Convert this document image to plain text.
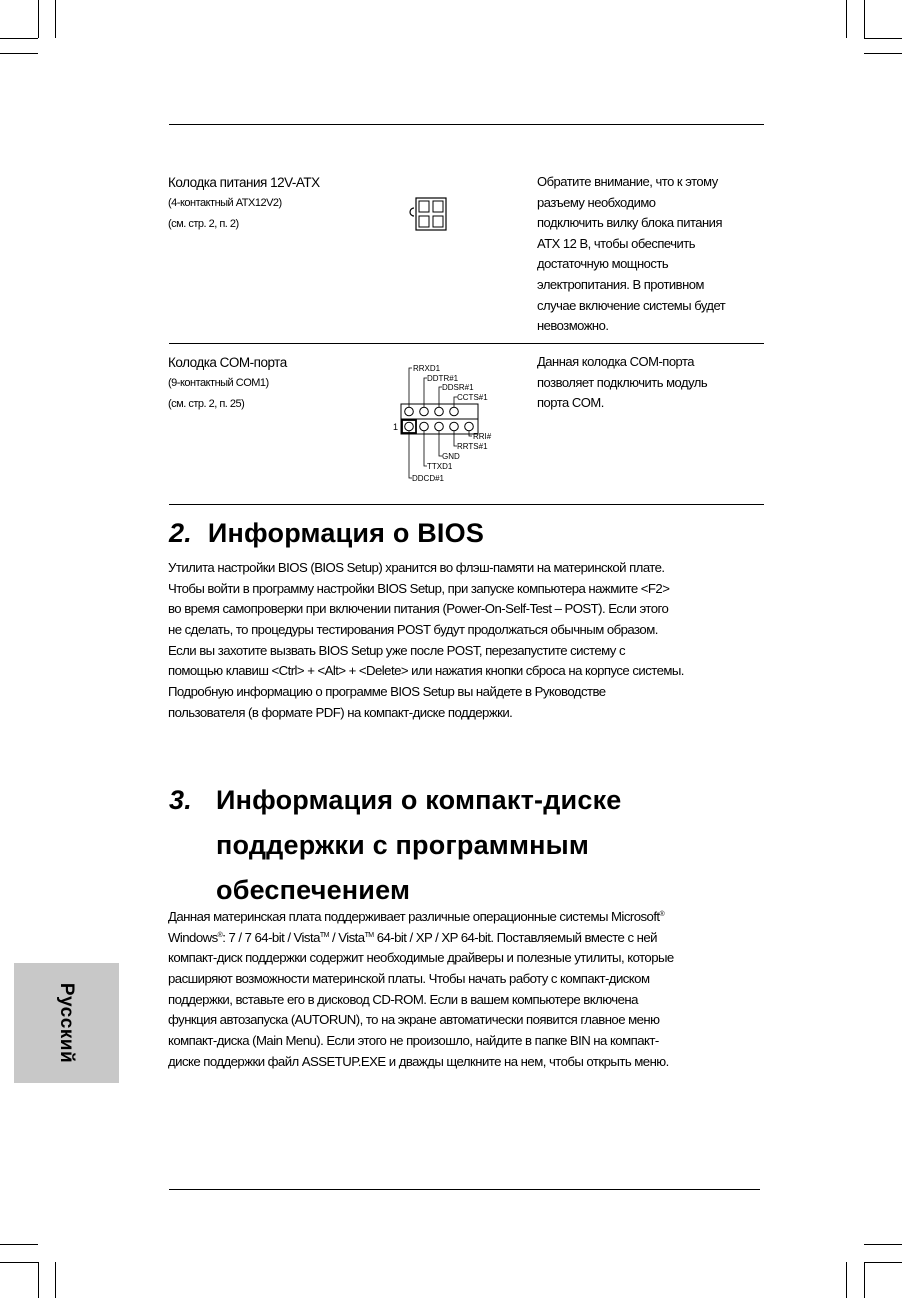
Колодка питания 12V-ATX
(4-контактный ATX12V2)
(см. стр. 2, п. 2)
Обратите внимание, что к этому
разъему необходимо
подключить вилку блока питания
ATX 12 В, чтобы обеспечить
достаточную мощность
электропитания. В противном
случае включение системы будет
невозможно.
Колодка COM-порта
(9-контактный COM1)
(см. стр. 2, п. 25)
RRXD1
DDTR#1
DDSR#1
CCTS#1
RRI#
RRTS#1
GND
TTXD1
DDCD#1
1
Данная колодка COM-порта
позволяет подключить модуль
порта COM.
2. Информация о BIOS
Утилита настройки BIOS (BIOS Setup) хранится во флэш-памяти на материнской плате.
Чтобы войти в программу настройки BIOS Setup, при запуске компьютера нажмите <F2>
во время самопроверки при включении питания (Power-On-Self-Test – POST). Если этого
не сделать, то процедуры тестирования POST будут продолжаться обычным образом.
Если вы захотите вызвать BIOS Setup уже после POST, перезапустите систему с
помощью клавиш <Ctrl> + <Alt> + <Delete> или нажатия кнопки сброса на корпусе системы.
Подробную информацию о программе BIOS Setup вы найдете в Руководстве
пользователя (в формате PDF) на компакт-диске поддержки.
3. Информация о компакт-диске
поддержки с программным
обеспечением
Данная материнская плата поддерживает различные операционные системы Microsoft®
Windows®: 7 / 7 64-bit / Vista™ / Vista™ 64-bit / XP / XP 64-bit. Поставляемый вместе с ней
компакт-диск поддержки содержит необходимые драйверы и полезные утилиты, которые
расширяют возможности материнской платы. Чтобы начать работу с компакт-диском
поддержки, вставьте его в дисковод CD-ROM. Если в вашем компьютере включена
функция автозапуска (AUTORUN), то на экране автоматически появится главное меню
компакт-диска (Main Menu). Если этого не произошло, найдите в папке BIN на компакт-
диске поддержки файл ASSETUP.EXE и дважды щелкните на нем, чтобы открыть меню.
Русский
